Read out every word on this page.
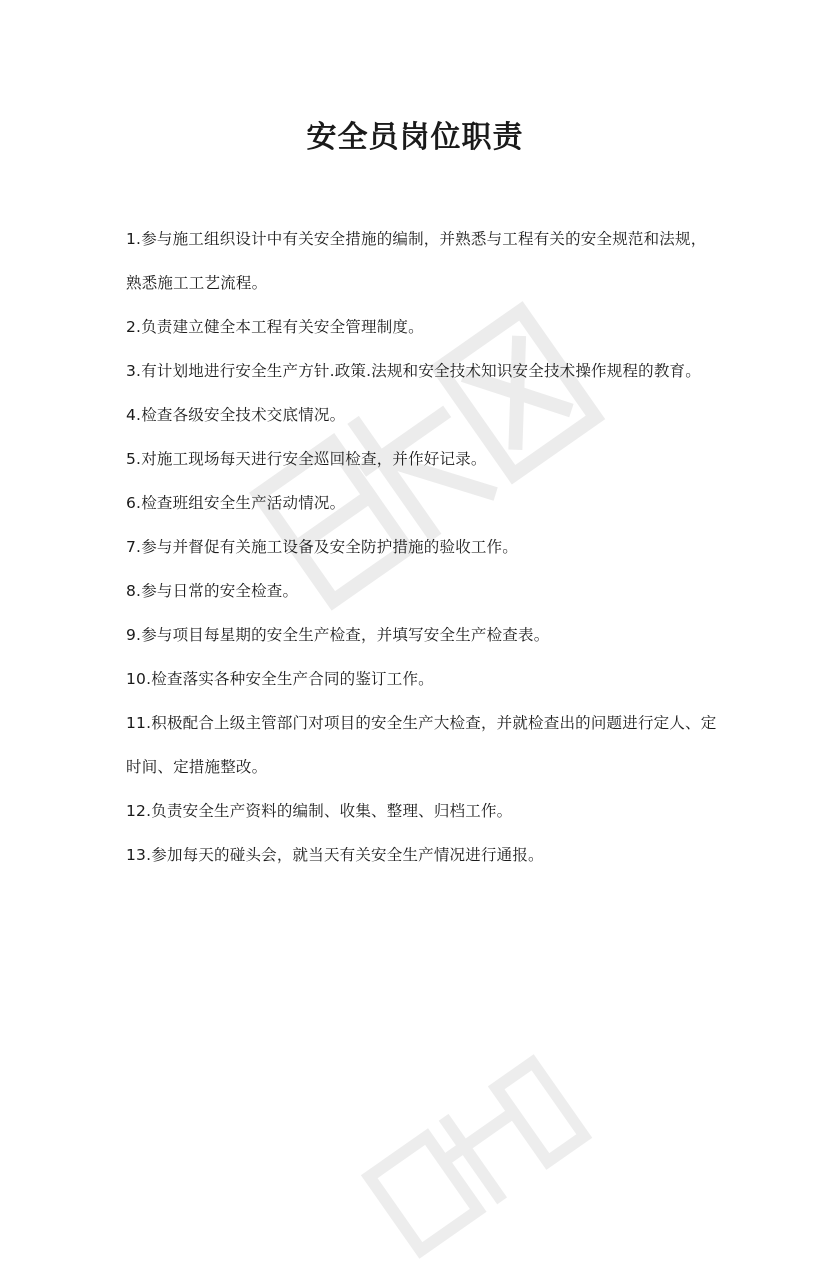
安全员岗位职责
1.参与施工组织设计中有关安全措施的编制，并熟悉与工程有关的安全规范和法规，熟悉施工工艺流程。
2.负责建立健全本工程有关安全管理制度。
3.有计划地进行安全生产方针.政策.法规和安全技术知识安全技术操作规程的教育。
4.检查各级安全技术交底情况。
5.对施工现场每天进行安全巡回检查，并作好记录。
6.检查班组安全生产活动情况。
7.参与并督促有关施工设备及安全防护措施的验收工作。
8.参与日常的安全检查。
9.参与项目每星期的安全生产检查，并填写安全生产检查表。
10.检查落实各种安全生产合同的鉴订工作。
11.积极配合上级主管部门对项目的安全生产大检查，并就检查出的问题进行定人、定时间、定措施整改。
12.负责安全生产资料的编制、收集、整理、归档工作。
13.参加每天的碰头会，就当天有关安全生产情况进行通报。
